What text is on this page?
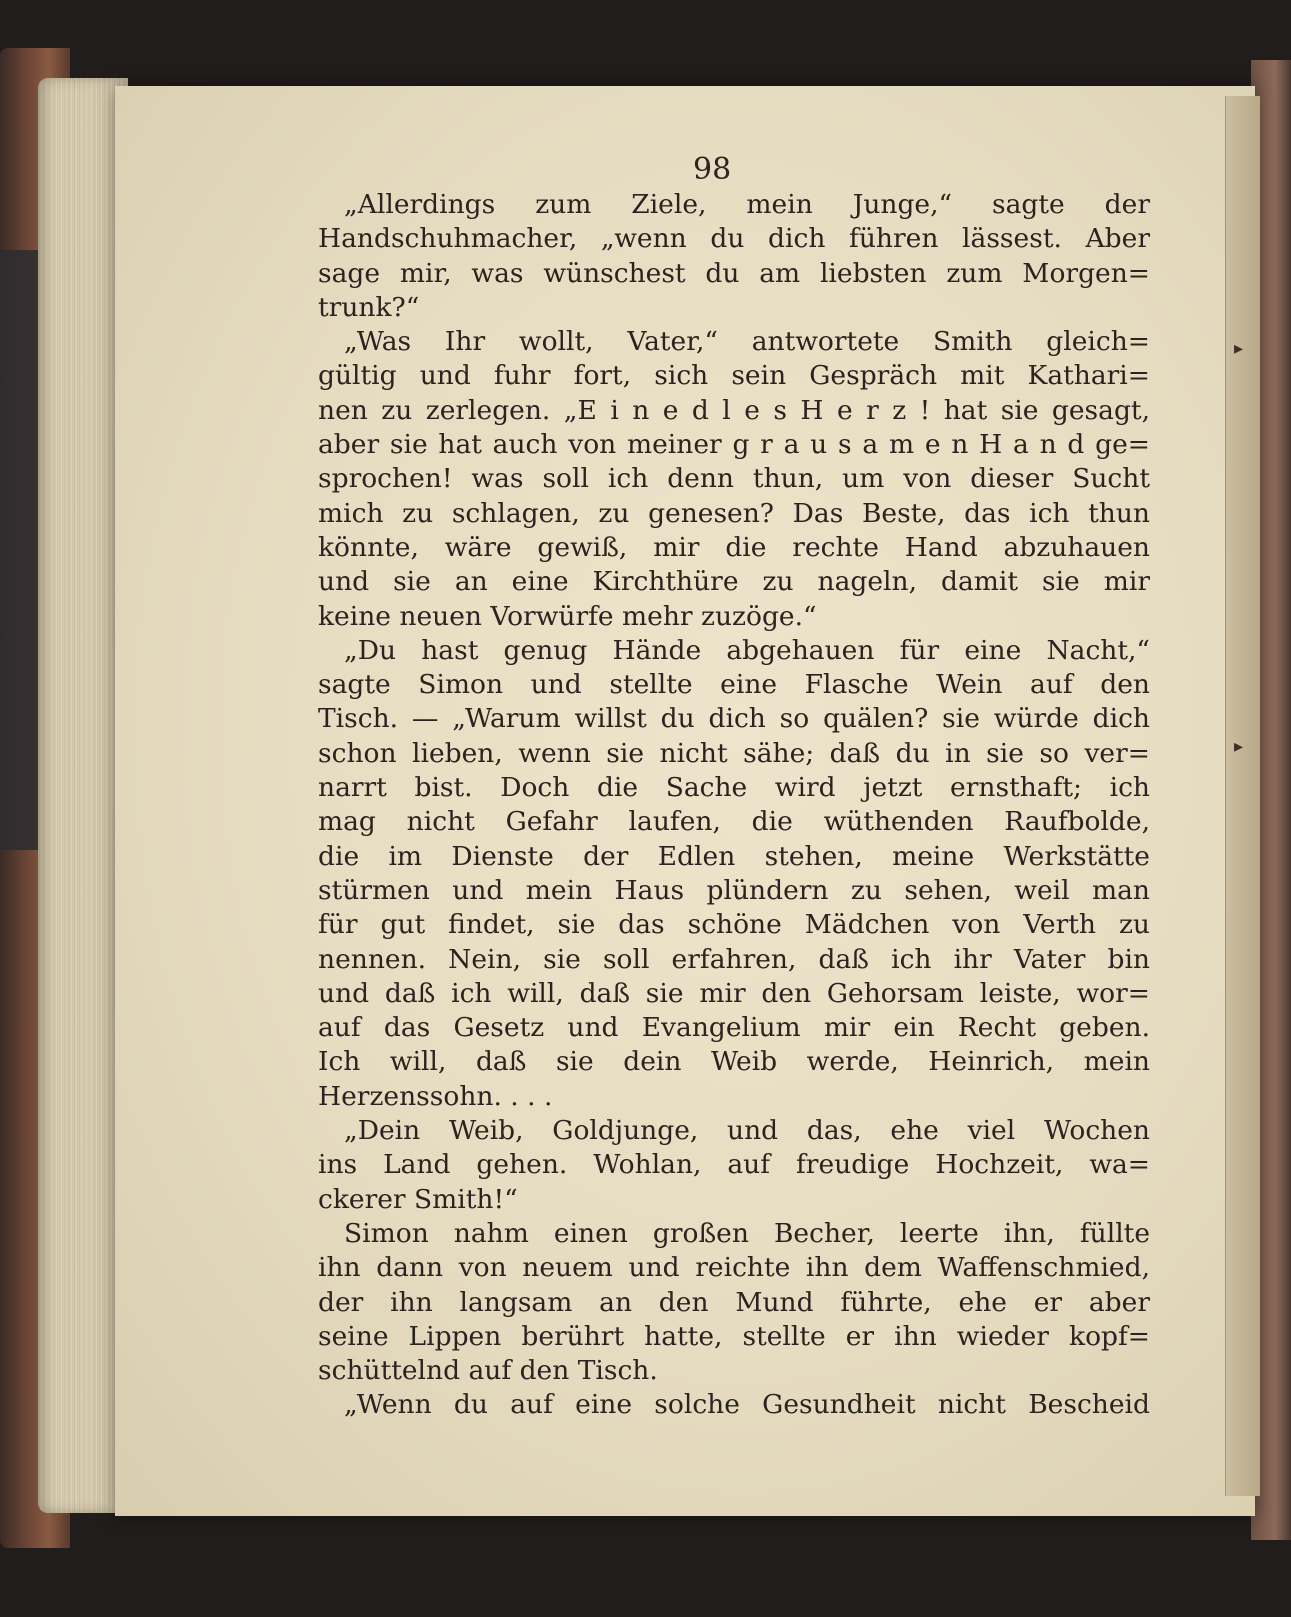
▸
▸
98
„Allerdings zum Ziele, mein Junge,“ sagte der
Handschuhmacher, „wenn du dich führen lässest. Aber
sage mir, was wünschest du am liebsten zum Morgen=
trunk?“
„Was Ihr wollt, Vater,“ antwortete Smith gleich=
gültig und fuhr fort, sich sein Gespräch mit Kathari=
nen zu zerlegen. „E i n e d l e s H e r z ! hat sie gesagt,
aber sie hat auch von meiner g r a u s a m e n H a n d ge=
sprochen! was soll ich denn thun, um von dieser Sucht
mich zu schlagen, zu genesen? Das Beste, das ich thun
könnte, wäre gewiß, mir die rechte Hand abzuhauen
und sie an eine Kirchthüre zu nageln, damit sie mir
keine neuen Vorwürfe mehr zuzöge.“
„Du hast genug Hände abgehauen für eine Nacht,“
sagte Simon und stellte eine Flasche Wein auf den
Tisch. — „Warum willst du dich so quälen? sie würde dich
schon lieben, wenn sie nicht sähe; daß du in sie so ver=
narrt bist. Doch die Sache wird jetzt ernsthaft; ich
mag nicht Gefahr laufen, die wüthenden Raufbolde,
die im Dienste der Edlen stehen, meine Werkstätte
stürmen und mein Haus plündern zu sehen, weil man
für gut findet, sie das schöne Mädchen von Verth zu
nennen. Nein, sie soll erfahren, daß ich ihr Vater bin
und daß ich will, daß sie mir den Gehorsam leiste, wor=
auf das Gesetz und Evangelium mir ein Recht geben.
Ich will, daß sie dein Weib werde, Heinrich, mein
Herzenssohn. . . .
„Dein Weib, Goldjunge, und das, ehe viel Wochen
ins Land gehen. Wohlan, auf freudige Hochzeit, wa=
ckerer Smith!“
Simon nahm einen großen Becher, leerte ihn, füllte
ihn dann von neuem und reichte ihn dem Waffenschmied,
der ihn langsam an den Mund führte, ehe er aber
seine Lippen berührt hatte, stellte er ihn wieder kopf=
schüttelnd auf den Tisch.
„Wenn du auf eine solche Gesundheit nicht Bescheid
